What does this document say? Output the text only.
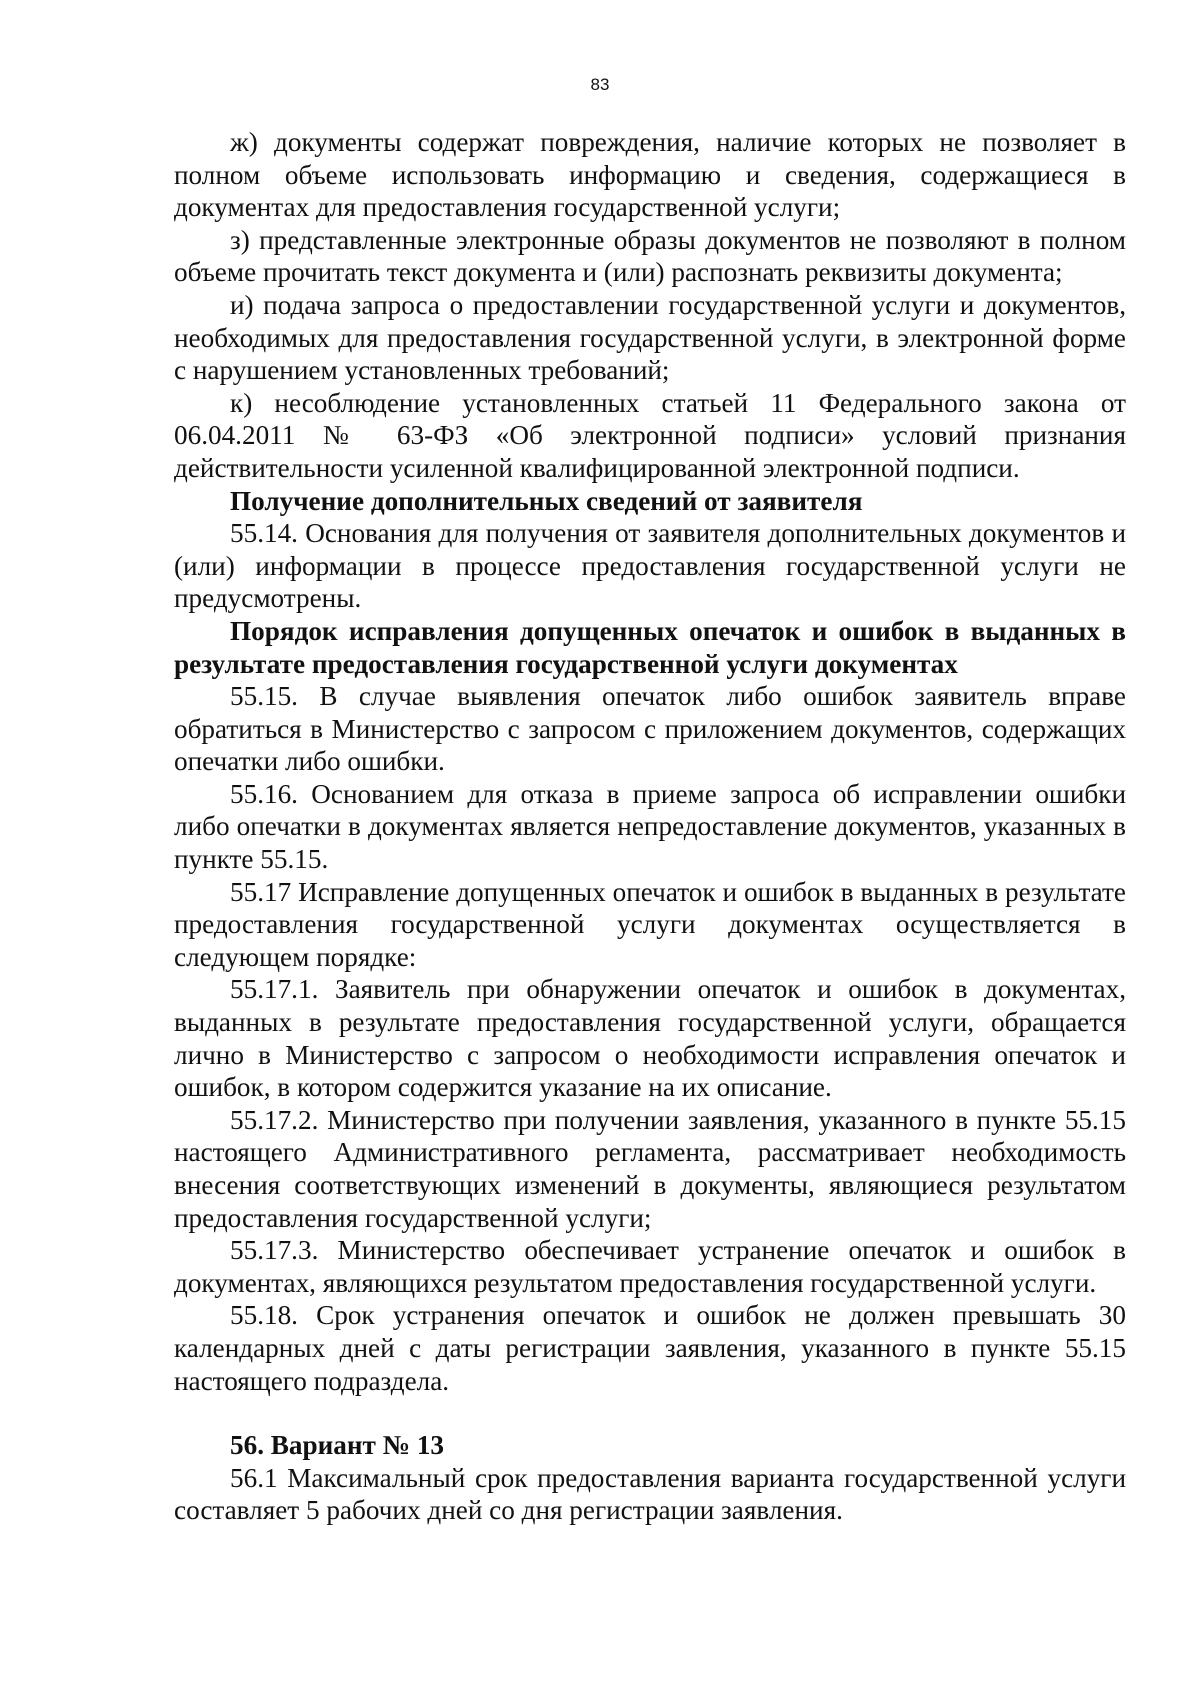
83

ж) документы содержат повреждения, наличие которых не позволяет в полном объеме использовать информацию и сведения, содержащиеся в документах для предоставления государственной услуги;

з) представленные электронные образы документов не позволяют в полном объеме прочитать текст документа и (или) распознать реквизиты документа;

и) подача запроса о предоставлении государственной услуги и документов, необходимых для предоставления государственной услуги, в электронной форме с нарушением установленных требований;

к) несоблюдение установленных статьей 11 Федерального закона от 06.04.2011 № 63-ФЗ «Об электронной подписи» условий признания действительности усиленной квалифицированной электронной подписи.

Получение дополнительных сведений от заявителя

55.14. Основания для получения от заявителя дополнительных документов и (или) информации в процессе предоставления государственной услуги не предусмотрены.

Порядок исправления допущенных опечаток и ошибок в выданных в результате предоставления государственной услуги документах

55.15. В случае выявления опечаток либо ошибок заявитель вправе обратиться в Министерство с запросом с приложением документов, содержащих опечатки либо ошибки.

55.16. Основанием для отказа в приеме запроса об исправлении ошибки либо опечатки в документах является непредоставление документов, указанных в пункте 55.15.

55.17 Исправление допущенных опечаток и ошибок в выданных в результате предоставления государственной услуги документах осуществляется в следующем порядке:

55.17.1. Заявитель при обнаружении опечаток и ошибок в документах, выданных в результате предоставления государственной услуги, обращается лично в Министерство с запросом о необходимости исправления опечаток и ошибок, в котором содержится указание на их описание.

55.17.2. Министерство при получении заявления, указанного в пункте 55.15 настоящего Административного регламента, рассматривает необходимость внесения соответствующих изменений в документы, являющиеся результатом предоставления государственной услуги;

55.17.3. Министерство обеспечивает устранение опечаток и ошибок в документах, являющихся результатом предоставления государственной услуги.

55.18. Срок устранения опечаток и ошибок не должен превышать 30 календарных дней с даты регистрации заявления, указанного в пункте 55.15 настоящего подраздела.

56. Вариант № 13

56.1 Максимальный срок предоставления варианта государственной услуги составляет 5 рабочих дней со дня регистрации заявления.
